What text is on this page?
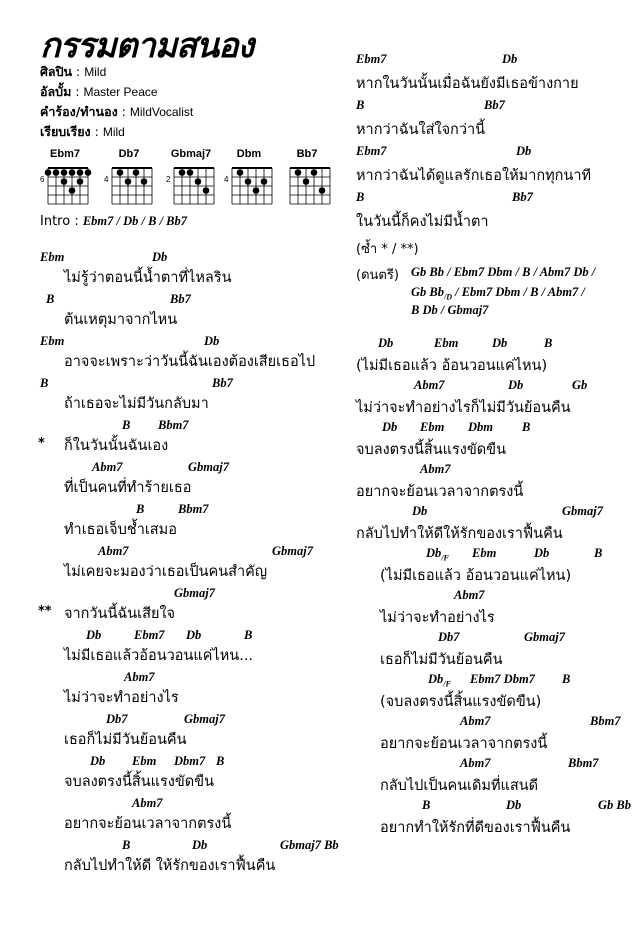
กรรมตามสนอง
ศิลปิน : Mild
อัลบั้ม : Master Peace
คำร้อง/ทำนอง : MildVocalist
เรียบเรียง : Mild
Ebm7
6
Db7
4
Gbmaj7
2
Dbm
4
Bb7
Intro : Ebm7 / Db / B / Bb7
Ebm	Db
ไม่รู้ว่าตอนนี้น้ำตาที่ไหลริน
B	Bb7
ต้นเหตุมาจากไหน
Ebm	Db
อาจจะเพราะว่าวันนี้ฉันเองต้องเสียเธอไป
B	Bb7
ถ้าเธอจะไม่มีวันกลับมา
B Bbm7
* ก็ในวันนั้นฉันเอง
Abm7	Gbmaj7
ที่เป็นคนที่ทำร้ายเธอ
B	Bbm7
ทำเธอเจ็บช้ำเสมอ
Abm7	Gbmaj7
ไม่เคยจะมองว่าเธอเป็นคนสำคัญ
Gbmaj7
** จากวันนี้ฉันเสียใจ
Db	Ebm7 Db	B
ไม่มีเธอแล้วอ้อนวอนแค่ไหน...
Abm7
ไม่ว่าจะทำอย่างไร
Db7	Gbmaj7
เธอก็ไม่มีวันย้อนคืน
Db Ebm Dbm7 B
จบลงตรงนี้สิ้นแรงขัดขืน
Abm7
อยากจะย้อนเวลาจากตรงนี้
B	Db	Gbmaj7 Bb
กลับไปทำให้ดี ให้รักของเราฟื้นคืน
Ebm7	Db
หากในวันนั้นเมื่อฉันยังมีเธอข้างกาย
B	Bb7
หากว่าฉันใส่ใจกว่านี้
Ebm7	Db
หากว่าฉันได้ดูแลรักเธอให้มากทุกนาที
B	Bb7
ในวันนี้ก็คงไม่มีน้ำตา
(ซ้ำ * / **)
(ดนตรี) Gb Bb / Ebm7 Dbm / B / Abm7 Db /
Gb $Bb_{/D} / Ebm7$ Dbm / B / Abm7 /
B Db / Gbmaj7
Db	Ebm	Db	B
(ไม่มีเธอแล้ว อ้อนวอนแค่ไหน)
Abm7	Db	Gb
ไม่ว่าจะทำอย่างไรก็ไม่มีวันย้อนคืน
Db Ebm Dbm B
จบลงตรงนี้สิ้นแรงขัดขืน
Abm7
อยากจะย้อนเวลาจากตรงนี้
Db	Gbmaj7
กลับไปทำให้ดีให้รักของเราฟื้นคืน
$Db_{/F}$ Ebm	Db	B
(ไม่มีเธอแล้ว อ้อนวอนแค่ไหน)
Abm7
ไม่ว่าจะทำอย่างไร
Db7	Gbmaj7
เธอก็ไม่มีวันย้อนคืน
$Db_{/F}$ Ebm7 Dbm7 B
(จบลงตรงนี้สิ้นแรงขัดขืน)
Abm7	Bbm7
อยากจะย้อนเวลาจากตรงนี้
Abm7	Bbm7
กลับไปเป็นคนเดิมที่แสนดี
B	Db	Gb Bb
อยากทำให้รักที่ดีของเราฟื้นคืน
